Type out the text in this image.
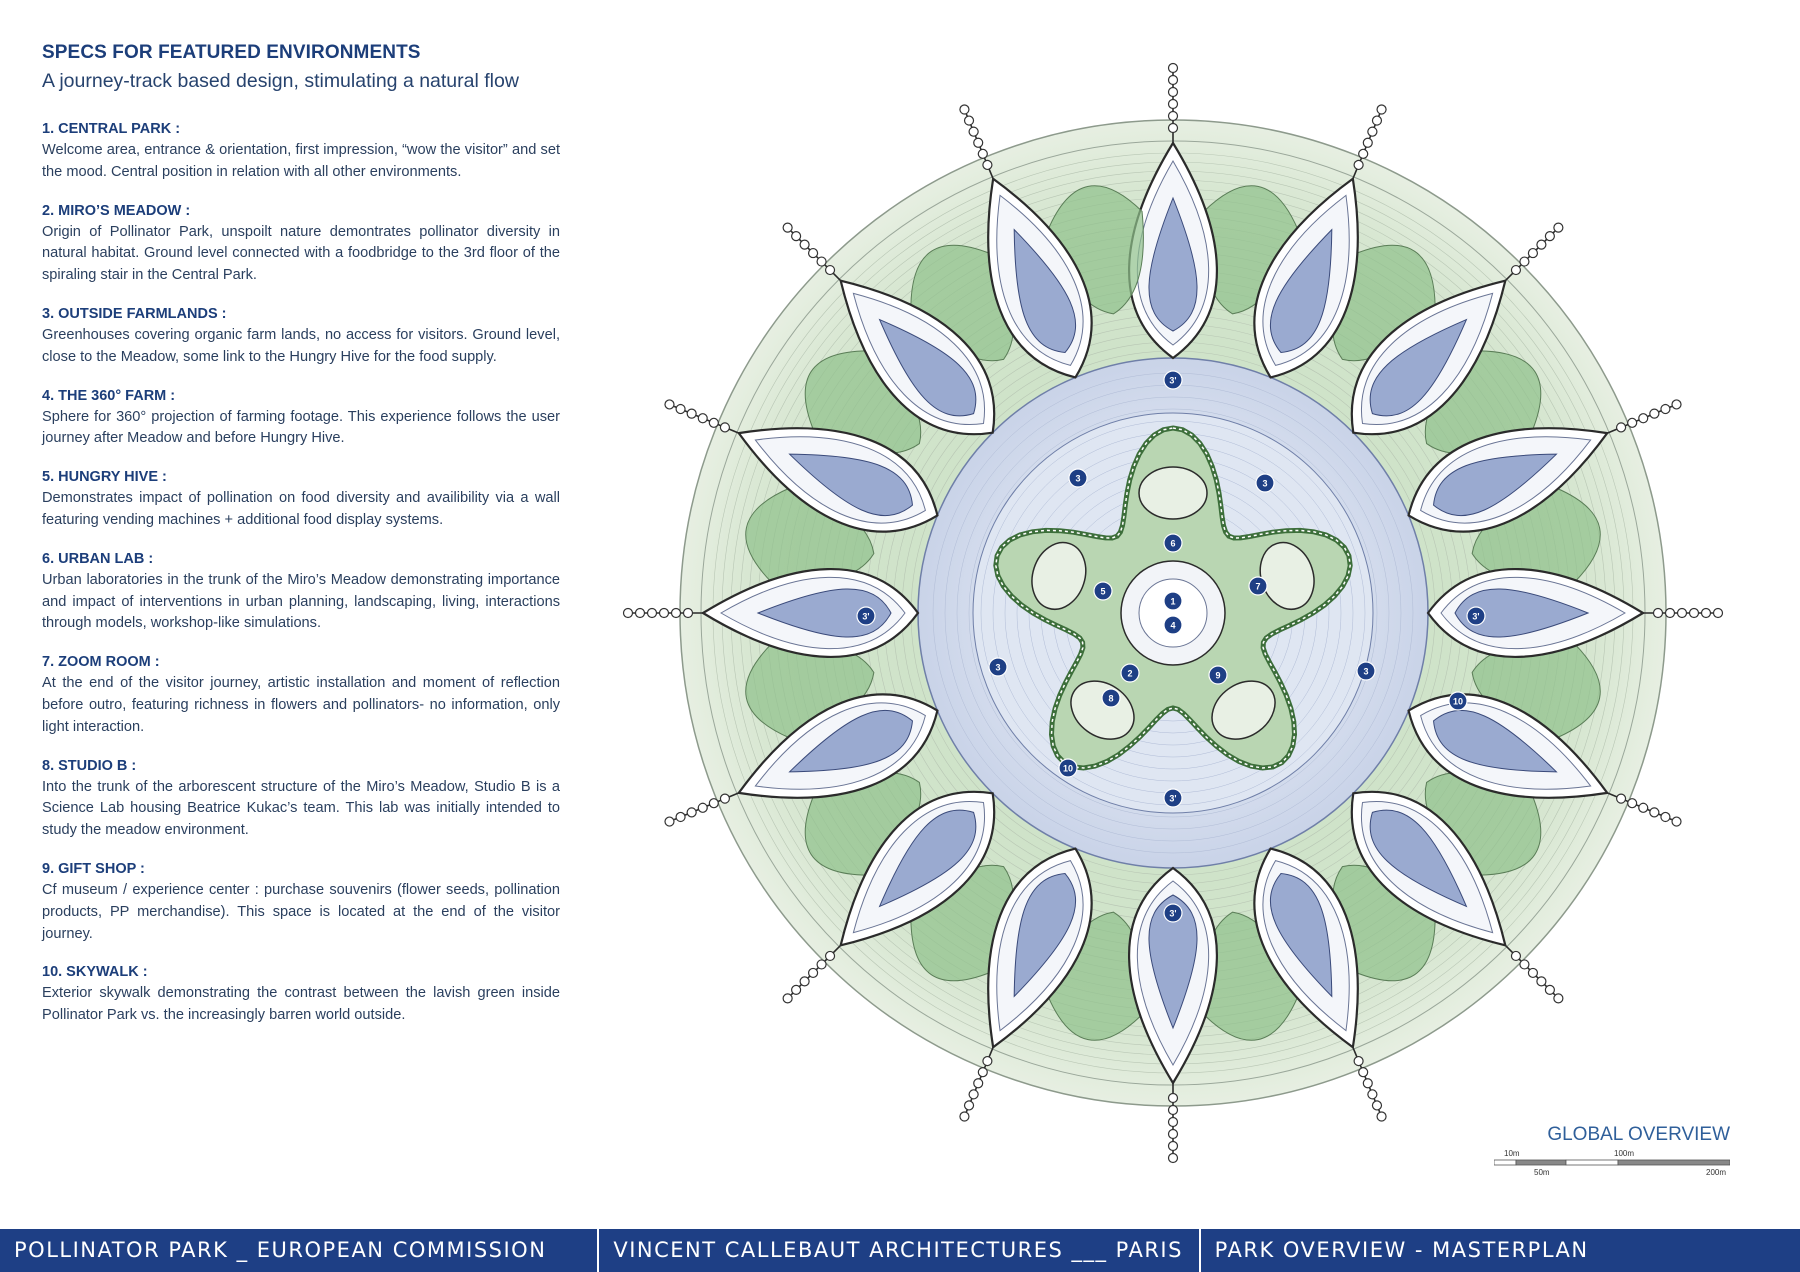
SPECS FOR FEATURED ENVIRONMENTS
A journey-track based design, stimulating a natural flow
1. CENTRAL PARK :
Welcome area, entrance & orientation, first impression, “wow the visitor” and set the mood. Central position in relation with all other environments.
2. MIRO’S MEADOW :
Origin of Pollinator Park, unspoilt nature demontrates pollinator diversity in natural habitat. Ground level connected with a foodbridge to the 3rd floor of the spiraling stair in the Central Park.
3. OUTSIDE FARMLANDS :
Greenhouses covering organic farm lands, no access for visitors. Ground level, close to the Meadow, some link to the Hungry Hive for the food supply.
4. THE 360° FARM :
Sphere for 360° projection of farming footage. This experience follows the user journey after Meadow and before Hungry Hive.
5. HUNGRY HIVE :
Demonstrates impact of pollination on food diversity and availibility via a wall featuring vending machines + additional food display systems.
6. URBAN LAB :
Urban laboratories in the trunk of the Miro’s Meadow demonstrating importance and impact of interventions in urban planning, landscaping, living, interactions through models, workshop-like simulations.
7. ZOOM ROOM :
At the end of the visitor journey, artistic installation and moment of reflection before outro, featuring richness in flowers and pollinators- no information, only light interaction.
8. STUDIO B :
Into the trunk of the arborescent structure of the Miro’s Meadow, Studio B is a Science Lab housing Beatrice Kukac’s team. This lab was initially intended to study the meadow environment.
9. GIFT SHOP :
Cf museum / experience center : purchase souvenirs (flower seeds, pollination products, PP merchandise). This space is located at the end of the visitor journey.
10. SKYWALK :
Exterior skywalk demonstrating the contrast between the lavish green inside Pollinator Park vs. the increasingly barren world outside.
1
4
5
6
7
2
8
9
10
10
3	3
3
3
3'
3'
3'
3'
3'
GLOBAL OVERVIEW
10m	100m
50m	200m
POLLINATOR PARK _ EUROPEAN COMMISSION	VINCENT CALLEBAUT ARCHITECTURES ___ PARIS	PARK OVERVIEW - MASTERPLAN
